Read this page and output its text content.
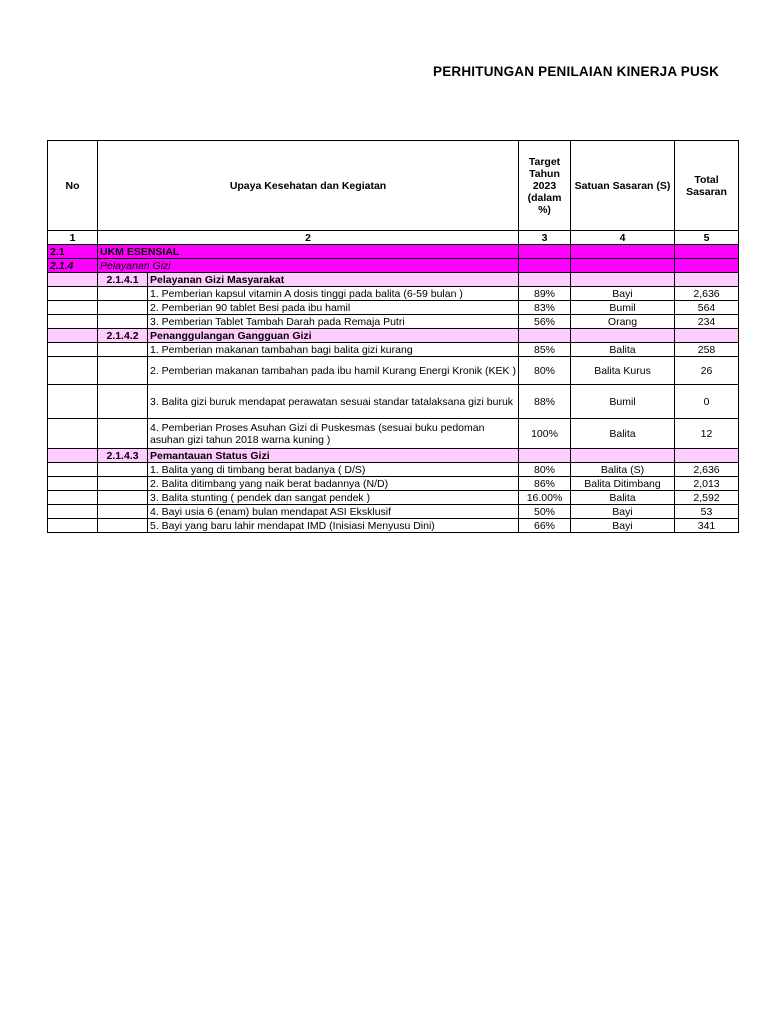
PERHITUNGAN PENILAIAN KINERJA PUSK
No	Upaya Kesehatan dan Kegiatan		Target Tahun 2023 (dalam %)	Satuan Sasaran (S)	Total Sasaran
1	2		3	4	5
2.1	UKM ESENSIAL				
2.1.4	Pelayanan Gizi				
	2.1.4.1	Pelayanan Gizi Masyarakat			
		1. Pemberian kapsul vitamin A dosis tinggi pada balita (6-59 bulan )	89%	Bayi	2,636
		2. Pemberian 90 tablet Besi pada ibu hamil	83%	Bumil	564
		3. Pemberian Tablet Tambah Darah pada Remaja Putri	56%	Orang	234
	2.1.4.2	Penanggulangan Gangguan Gizi			
		1. Pemberian makanan tambahan bagi balita gizi kurang	85%	Balita	258
		2. Pemberian makanan tambahan pada ibu hamil Kurang Energi Kronik (KEK )	80%	Balita Kurus	26
		3. Balita gizi buruk mendapat perawatan sesuai standar tatalaksana gizi buruk	88%	Bumil	0
		4. Pemberian Proses Asuhan Gizi di Puskesmas (sesuai buku pedoman asuhan gizi tahun 2018 warna kuning )	100%	Balita	12
	2.1.4.3	Pemantauan Status Gizi			
		1. Balita yang di timbang berat badanya ( D/S)	80%	Balita (S)	2,636
		2. Balita ditimbang yang naik berat badannya (N/D)	86%	Balita Ditimbang	2,013
		3. Balita stunting ( pendek dan sangat pendek )	16.00%	Balita	2,592
		4. Bayi usia 6 (enam) bulan mendapat ASI Eksklusif	50%	Bayi	53
		5. Bayi yang baru lahir mendapat IMD (Inisiasi Menyusu Dini)	66%	Bayi	341
